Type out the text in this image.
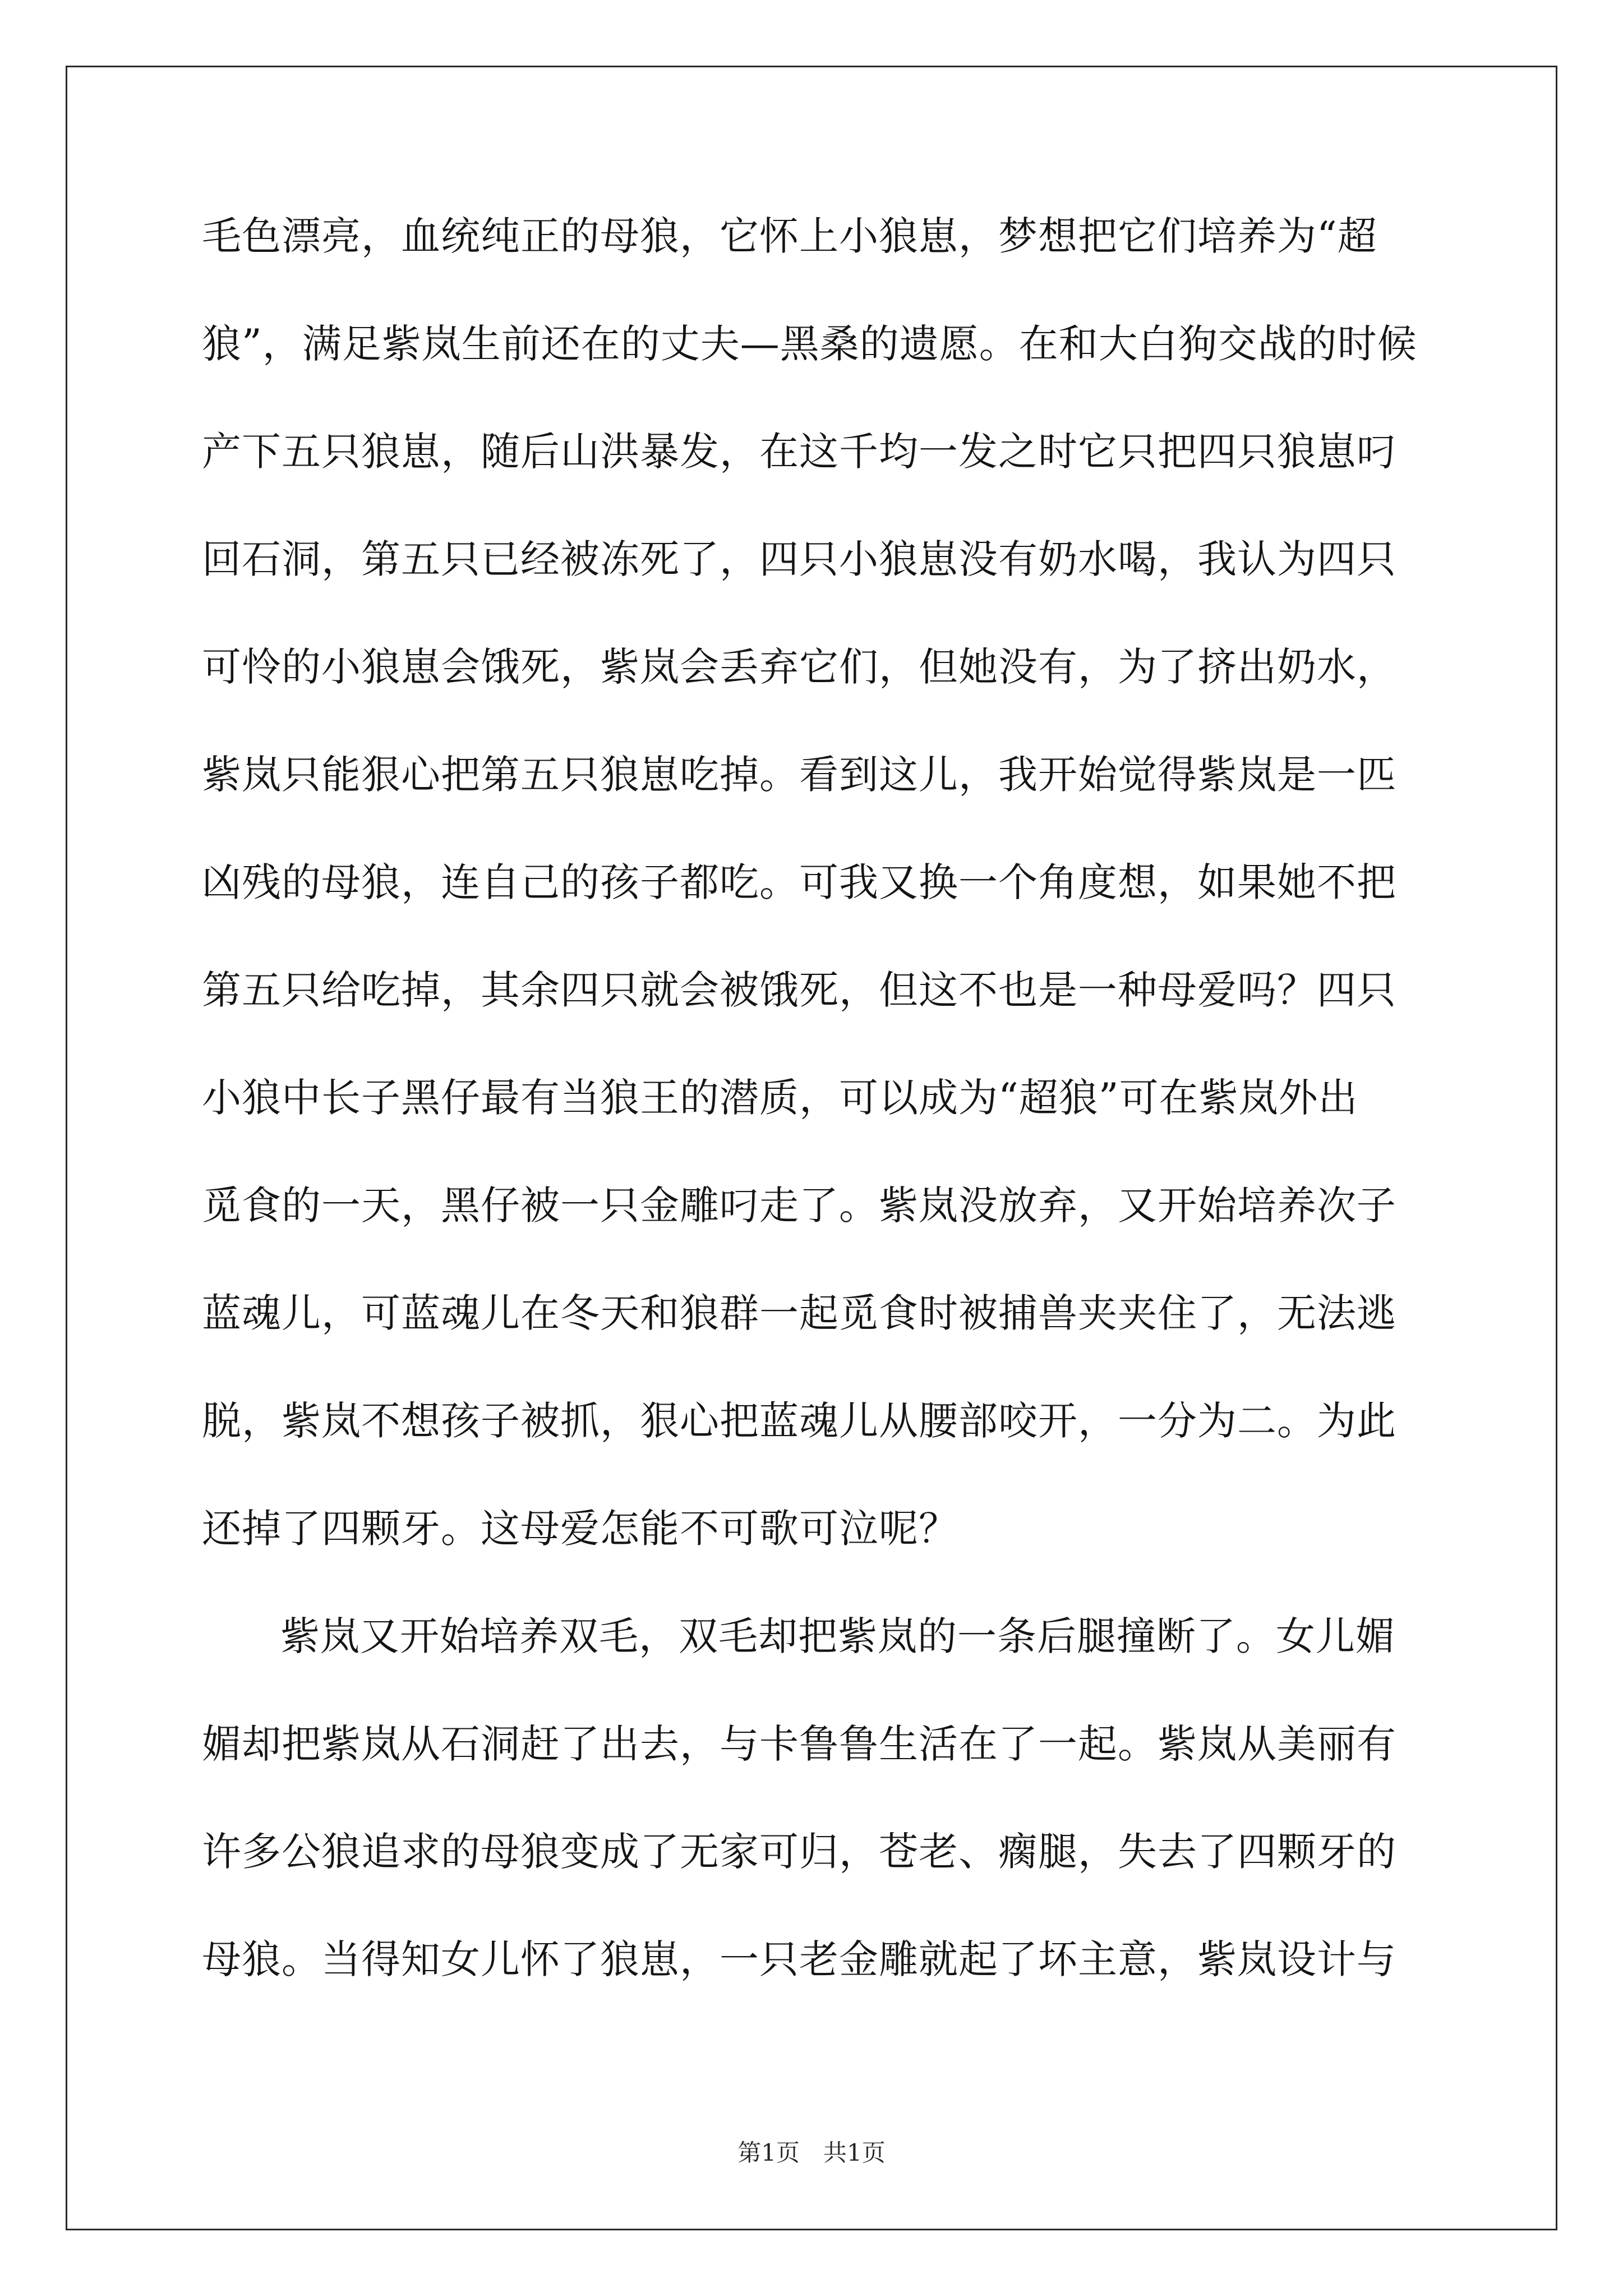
毛色漂亮，血统纯正的母狼，它怀上小狼崽，梦想把它们培养为“超
狼”，满足紫岚生前还在的丈夫—黑桑的遗愿。在和大白狗交战的时候
产下五只狼崽，随后山洪暴发，在这千均一发之时它只把四只狼崽叼
回石洞，第五只已经被冻死了，四只小狼崽没有奶水喝，我认为四只
可怜的小狼崽会饿死，紫岚会丢弃它们，但她没有，为了挤出奶水，
紫岚只能狠心把第五只狼崽吃掉。看到这儿，我开始觉得紫岚是一匹
凶残的母狼，连自己的孩子都吃。可我又换一个角度想，如果她不把
第五只给吃掉，其余四只就会被饿死，但这不也是一种母爱吗？四只
小狼中长子黑仔最有当狼王的潜质，可以成为“超狼”可在紫岚外出
觅食的一天，黑仔被一只金雕叼走了。紫岚没放弃，又开始培养次子
蓝魂儿，可蓝魂儿在冬天和狼群一起觅食时被捕兽夹夹住了，无法逃
脱，紫岚不想孩子被抓，狠心把蓝魂儿从腰部咬开，一分为二。为此
还掉了四颗牙。这母爱怎能不可歌可泣呢？
紫岚又开始培养双毛，双毛却把紫岚的一条后腿撞断了。女儿媚
媚却把紫岚从石洞赶了出去，与卡鲁鲁生活在了一起。紫岚从美丽有
许多公狼追求的母狼变成了无家可归，苍老、瘸腿，失去了四颗牙的
母狼。当得知女儿怀了狼崽，一只老金雕就起了坏主意，紫岚设计与
第1页　共1页
